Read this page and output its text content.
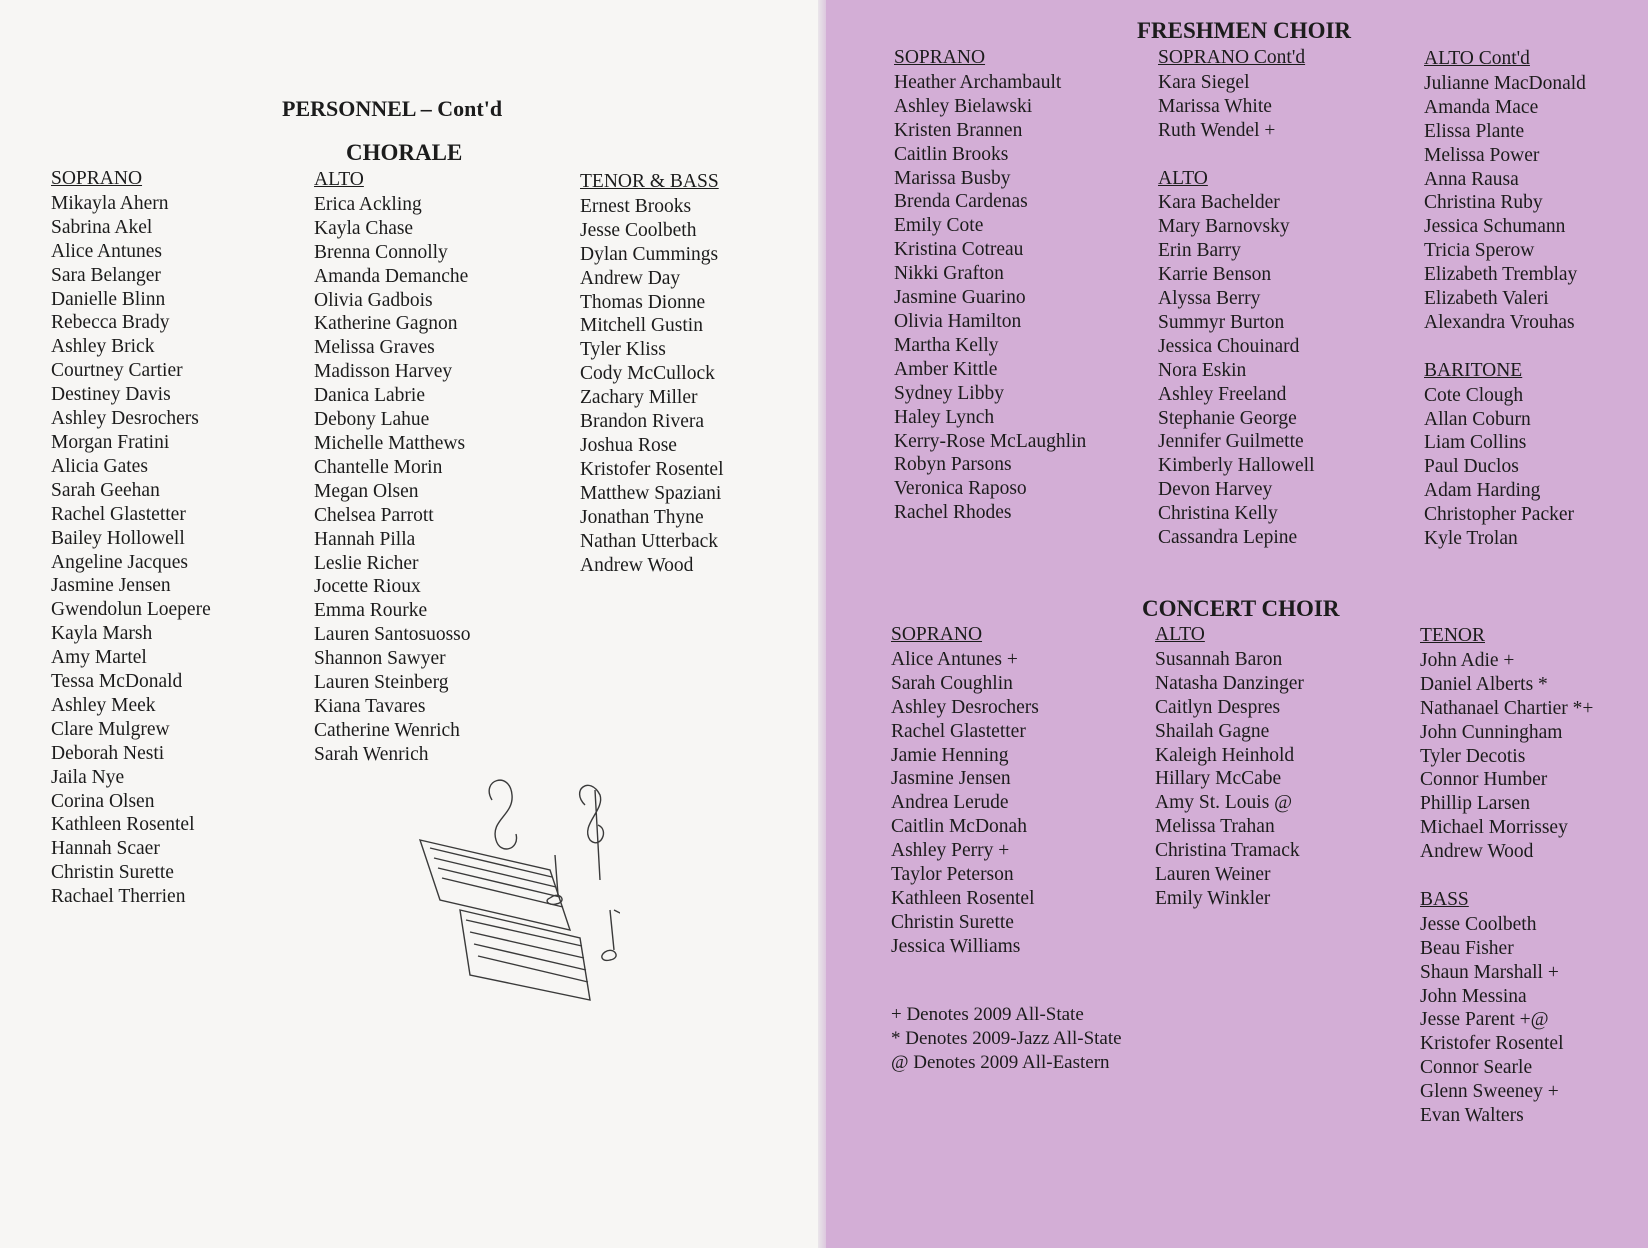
PERSONNEL – Cont'd
CHORALE
SOPRANO
Mikayla Ahern
Sabrina Akel
Alice Antunes
Sara Belanger
Danielle Blinn
Rebecca Brady
Ashley Brick
Courtney Cartier
Destiney Davis
Ashley Desrochers
Morgan Fratini
Alicia Gates
Sarah Geehan
Rachel Glastetter
Bailey Hollowell
Angeline Jacques
Jasmine Jensen
Gwendolun Loepere
Kayla Marsh
Amy Martel
Tessa McDonald
Ashley Meek
Clare Mulgrew
Deborah Nesti
Jaila Nye
Corina Olsen
Kathleen Rosentel
Hannah Scaer
Christin Surette
Rachael Therrien
ALTO
Erica Ackling
Kayla Chase
Brenna Connolly
Amanda Demanche
Olivia Gadbois
Katherine Gagnon
Melissa Graves
Madisson Harvey
Danica Labrie
Debony Lahue
Michelle Matthews
Chantelle Morin
Megan Olsen
Chelsea Parrott
Hannah Pilla
Leslie Richer
Jocette Rioux
Emma Rourke
Lauren Santosuosso
Shannon Sawyer
Lauren Steinberg
Kiana Tavares
Catherine Wenrich
Sarah Wenrich
TENOR & BASS
Ernest Brooks
Jesse Coolbeth
Dylan Cummings
Andrew Day
Thomas Dionne
Mitchell Gustin
Tyler Kliss
Cody McCullock
Zachary Miller
Brandon Rivera
Joshua Rose
Kristofer Rosentel
Matthew Spaziani
Jonathan Thyne
Nathan Utterback
Andrew Wood
FRESHMEN CHOIR
SOPRANO
Heather Archambault
Ashley Bielawski
Kristen Brannen
Caitlin Brooks
Marissa Busby
Brenda Cardenas
Emily Cote
Kristina Cotreau
Nikki Grafton
Jasmine Guarino
Olivia Hamilton
Martha Kelly
Amber Kittle
Sydney Libby
Haley Lynch
Kerry-Rose McLaughlin
Robyn Parsons
Veronica Raposo
Rachel Rhodes
SOPRANO Cont'd
Kara Siegel
Marissa White
Ruth Wendel +
ALTO
Kara Bachelder
Mary Barnovsky
Erin Barry
Karrie Benson
Alyssa Berry
Summyr Burton
Jessica Chouinard
Nora Eskin
Ashley Freeland
Stephanie George
Jennifer Guilmette
Kimberly Hallowell
Devon Harvey
Christina Kelly
Cassandra Lepine
ALTO Cont'd
Julianne MacDonald
Amanda Mace
Elissa Plante
Melissa Power
Anna Rausa
Christina Ruby
Jessica Schumann
Tricia Sperow
Elizabeth Tremblay
Elizabeth Valeri
Alexandra Vrouhas
BARITONE
Cote Clough
Allan Coburn
Liam Collins
Paul Duclos
Adam Harding
Christopher Packer
Kyle Trolan
CONCERT CHOIR
SOPRANO
Alice Antunes +
Sarah Coughlin
Ashley Desrochers
Rachel Glastetter
Jamie Henning
Jasmine Jensen
Andrea Lerude
Caitlin McDonah
Ashley Perry +
Taylor Peterson
Kathleen Rosentel
Christin Surette
Jessica Williams
ALTO
Susannah Baron
Natasha Danzinger
Caitlyn Despres
Shailah Gagne
Kaleigh Heinhold
Hillary McCabe
Amy St. Louis @
Melissa Trahan
Christina Tramack
Lauren Weiner
Emily Winkler
TENOR
John Adie +
Daniel Alberts *
Nathanael Chartier *+
John Cunningham
Tyler Decotis
Connor Humber
Phillip Larsen
Michael Morrissey
Andrew Wood
BASS
Jesse Coolbeth
Beau Fisher
Shaun Marshall +
John Messina
Jesse Parent +@
Kristofer Rosentel
Connor Searle
Glenn Sweeney +
Evan Walters
+ Denotes 2009 All-State
* Denotes 2009-Jazz All-State
@ Denotes 2009 All-Eastern
